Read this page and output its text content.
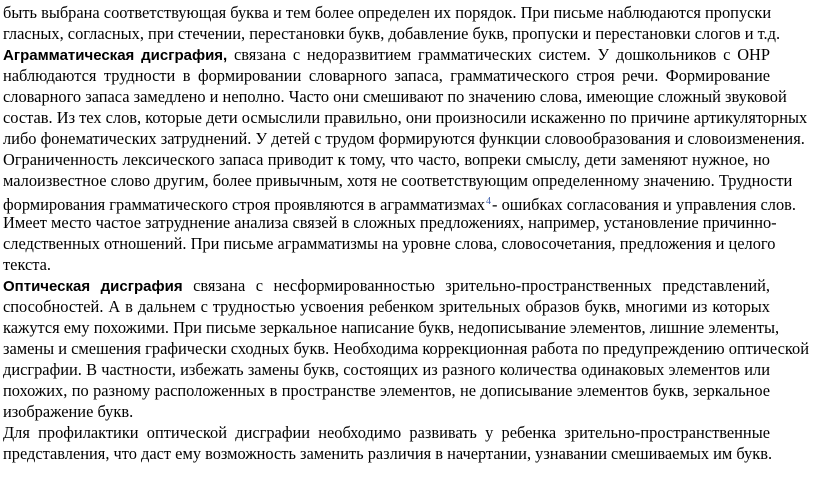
быть выбрана соответствующая буква и тем более определен их порядок. При письме наблюдаются пропуски
гласных, согласных, при стечении, перестановки букв, добавление букв, пропуски и перестановки слогов и т.д.
Аграмматическая дисграфия, связана с недоразвитием грамматических систем. У дошкольников с ОНР
наблюдаются трудности в формировании словарного запаса, грамматического строя речи. Формирование
словарного запаса замедлено и неполно. Часто они смешивают по значению слова, имеющие сложный звуковой
состав. Из тех слов, которые дети осмыслили правильно, они произносили искаженно по причине артикуляторных
либо фонематических затруднений. У детей с трудом формируются функции словообразования и словоизменения.
Ограниченность лексического запаса приводит к тому, что часто, вопреки смыслу, дети заменяют нужное, но
малоизвестное слово другим, более привычным, хотя не соответствующим определенному значению. Трудности
формирования грамматического строя проявляются в аграмматизмах$^4$- ошибках согласования и управления слов.
Имеет место частое затруднение анализа связей в сложных предложениях, например, установление причинно-
следственных отношений. При письме аграмматизмы на уровне слова, словосочетания, предложения и целого
текста.
Оптическая дисграфия связана с несформированностью зрительно-пространственных представлений,
способностей. А в дальнем с трудностью усвоения ребенком зрительных образов букв, многими из которых
кажутся ему похожими. При письме зеркальное написание букв, недописывание элементов, лишние элементы,
замены и смешения графически сходных букв. Необходима коррекционная работа по предупреждению оптической
дисграфии. В частности, избежать замены букв, состоящих из разного количества одинаковых элементов или
похожих, по разному расположенных в пространстве элементов, не дописывание элементов букв, зеркальное
изображение букв.
Для профилактики оптической дисграфии необходимо развивать у ребенка зрительно-пространственные
представления, что даст ему возможность заменить различия в начертании, узнавании смешиваемых им букв.
